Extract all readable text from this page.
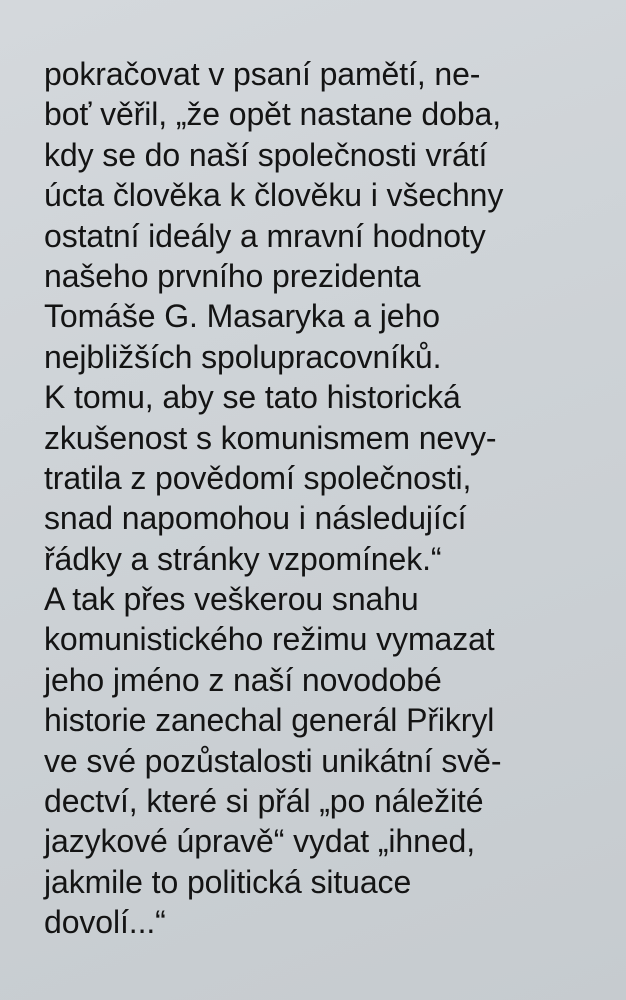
pokračovat v psaní pamětí, ne-
boť věřil, „že opět nastane doba,
kdy se do naší společnosti vrátí
úcta člověka k člověku i všechny
ostatní ideály a mravní hodnoty
našeho prvního prezidenta
Tomáše G. Masaryka a jeho
nejbližších spolupracovníků.
K tomu, aby se tato historická
zkušenost s komunismem nevy-
tratila z povědomí společnosti,
snad napomohou i následující
řádky a stránky vzpomínek.“
A tak přes veškerou snahu
komunistického režimu vymazat
jeho jméno z naší novodobé
historie zanechal generál Přikryl
ve své pozůstalosti unikátní svě-
dectví, které si přál „po náležité
jazykové úpravě“ vydat „ihned,
jakmile to politická situace
dovolí...“
